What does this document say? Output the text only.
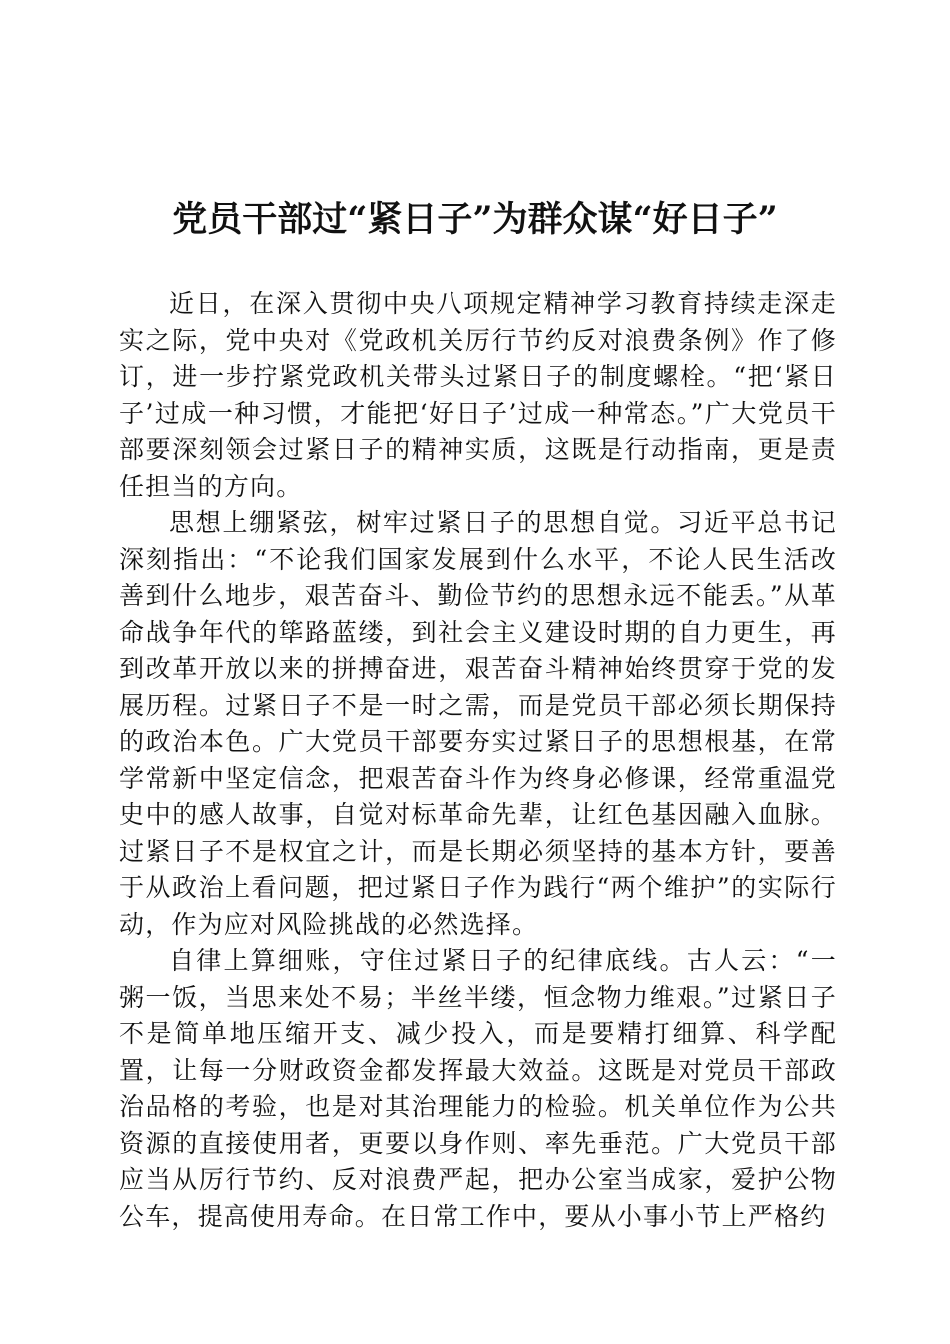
党员干部过“紧日子”为群众谋“好日子”

近日，在深入贯彻中央八项规定精神学习教育持续走深走实之际，党中央对《党政机关厉行节约反对浪费条例》作了修订，进一步拧紧党政机关带头过紧日子的制度螺栓。“把‘紧日子’过成一种习惯，才能把‘好日子’过成一种常态。”广大党员干部要深刻领会过紧日子的精神实质，这既是行动指南，更是责任担当的方向。

思想上绷紧弦，树牢过紧日子的思想自觉。习近平总书记深刻指出：“不论我们国家发展到什么水平，不论人民生活改善到什么地步，艰苦奋斗、勤俭节约的思想永远不能丢。”从革命战争年代的筚路蓝缕，到社会主义建设时期的自力更生，再到改革开放以来的拼搏奋进，艰苦奋斗精神始终贯穿于党的发展历程。过紧日子不是一时之需，而是党员干部必须长期保持的政治本色。广大党员干部要夯实过紧日子的思想根基，在常学常新中坚定信念，把艰苦奋斗作为终身必修课，经常重温党史中的感人故事，自觉对标革命先辈，让红色基因融入血脉。过紧日子不是权宜之计，而是长期必须坚持的基本方针，要善于从政治上看问题，把过紧日子作为践行“两个维护”的实际行动，作为应对风险挑战的必然选择。

自律上算细账，守住过紧日子的纪律底线。古人云：“一粥一饭，当思来处不易；半丝半缕，恒念物力维艰。”过紧日子不是简单地压缩开支、减少投入，而是要精打细算、科学配置，让每一分财政资金都发挥最大效益。这既是对党员干部政治品格的考验，也是对其治理能力的检验。机关单位作为公共资源的直接使用者，更要以身作则、率先垂范。广大党员干部应当从厉行节约、反对浪费严起，把办公室当成家，爱护公物公车，提高使用寿命。在日常工作中，要从小事小节上严格约
